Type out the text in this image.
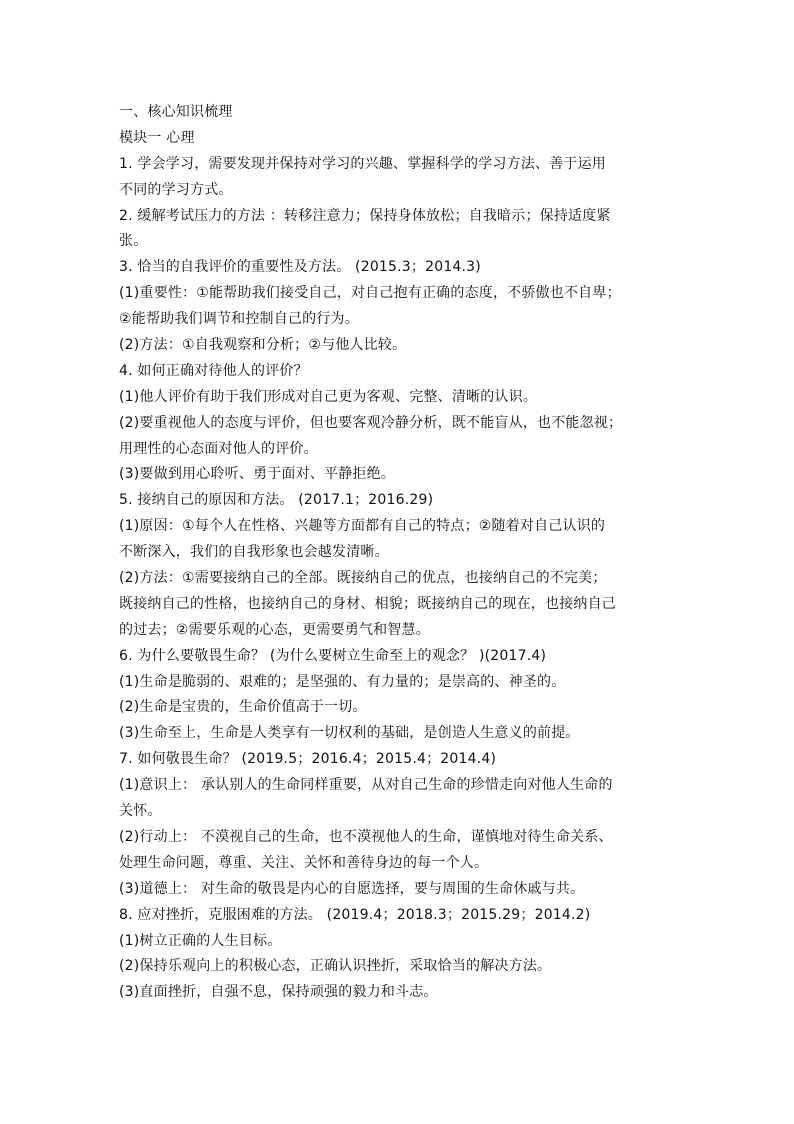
一、核心知识梳理
模块一 心理
1. 学会学习，需要发现并保持对学习的兴趣、掌握科学的学习方法、善于运用
不同的学习方式。
2. 缓解考试压力的方法 ：转移注意力；保持身体放松；自我暗示；保持适度紧
张。
3. 恰当的自我评价的重要性及方法。 (2015.3；2014.3)
(1)重要性：①能帮助我们接受自己，对自己抱有正确的态度，不骄傲也不自卑；
②能帮助我们调节和控制自己的行为。
(2)方法：①自我观察和分析；②与他人比较。
4. 如何正确对待他人的评价？
(1)他人评价有助于我们形成对自己更为客观、完整、清晰的认识。
(2)要重视他人的态度与评价，但也要客观冷静分析，既不能盲从，也不能忽视；
用理性的心态面对他人的评价。
(3)要做到用心聆听、勇于面对、平静拒绝。
5. 接纳自己的原因和方法。 (2017.1；2016.29)
(1)原因：①每个人在性格、兴趣等方面都有自己的特点；②随着对自己认识的
不断深入，我们的自我形象也会越发清晰。
(2)方法：①需要接纳自己的全部。既接纳自己的优点，也接纳自己的不完美；
既接纳自己的性格，也接纳自己的身材、相貌；既接纳自己的现在，也接纳自己
的过去；②需要乐观的心态，更需要勇气和智慧。
6. 为什么要敬畏生命？ (为什么要树立生命至上的观念？ )(2017.4)
(1)生命是脆弱的、艰难的；是坚强的、有力量的；是崇高的、神圣的。
(2)生命是宝贵的，生命价值高于一切。
(3)生命至上，生命是人类享有一切权利的基础，是创造人生意义的前提。
7. 如何敬畏生命？ (2019.5；2016.4；2015.4；2014.4)
(1)意识上： 承认别人的生命同样重要，从对自己生命的珍惜走向对他人生命的
关怀。
(2)行动上： 不漠视自己的生命，也不漠视他人的生命，谨慎地对待生命关系、
处理生命问题，尊重、关注、关怀和善待身边的每一个人。
(3)道德上： 对生命的敬畏是内心的自愿选择，要与周围的生命休戚与共。
8. 应对挫折，克服困难的方法。 (2019.4；2018.3；2015.29；2014.2)
(1)树立正确的人生目标。
(2)保持乐观向上的积极心态，正确认识挫折，采取恰当的解决方法。
(3)直面挫折，自强不息，保持顽强的毅力和斗志。
